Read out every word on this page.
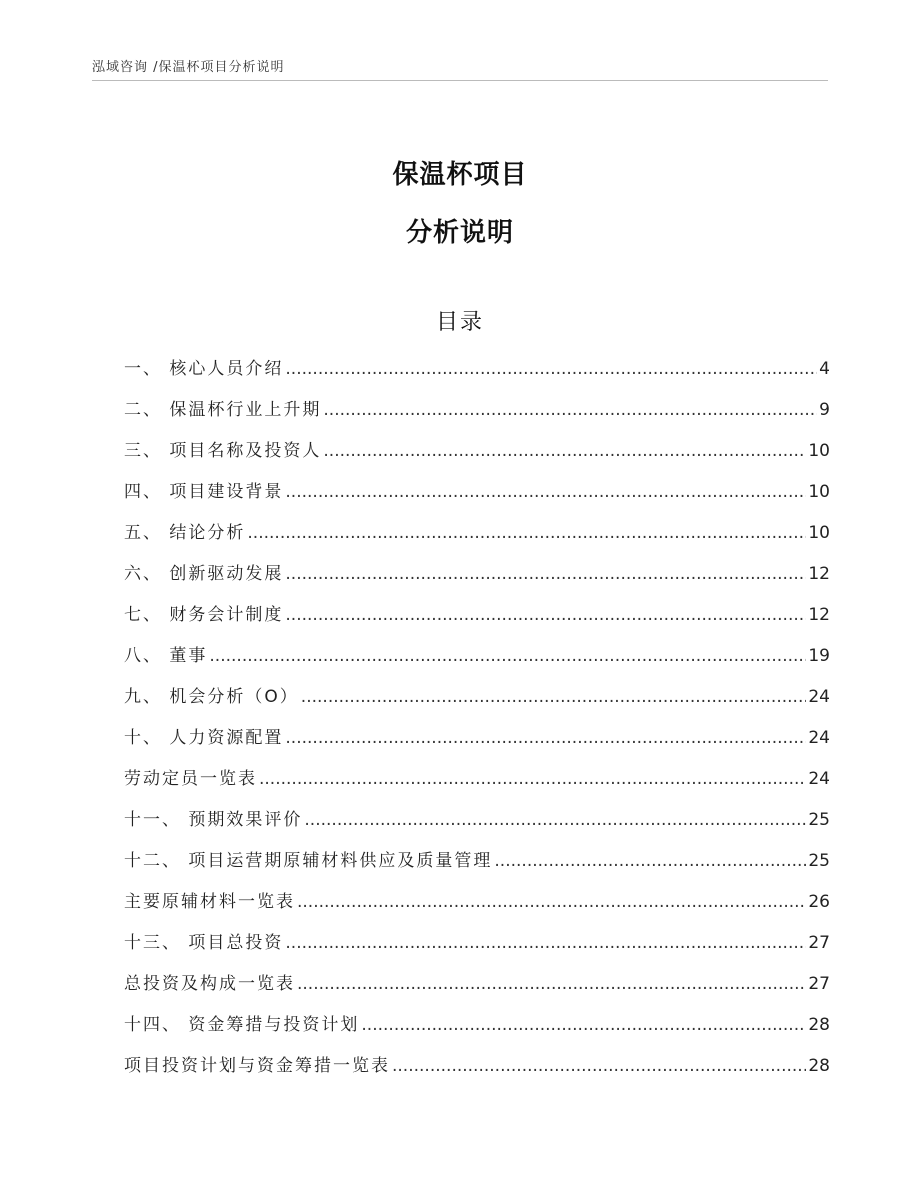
泓域咨询 /保温杯项目分析说明
保温杯项目
分析说明
目录
一、 核心人员介绍 .....	4
二、 保温杯行业上升期 .....	9
三、 项目名称及投资人 .....	10
四、 项目建设背景 .....	10
五、 结论分析 .....	10
六、 创新驱动发展 .....	12
七、 财务会计制度 .....	12
八、 董事 .....	19
九、 机会分析（O） .....	24
十、 人力资源配置 .....	24
劳动定员一览表 .....	24
十一、 预期效果评价 .....	25
十二、 项目运营期原辅材料供应及质量管理 .....	25
主要原辅材料一览表 .....	26
十三、 项目总投资 .....	27
总投资及构成一览表 .....	27
十四、 资金筹措与投资计划 .....	28
项目投资计划与资金筹措一览表 .....	28
